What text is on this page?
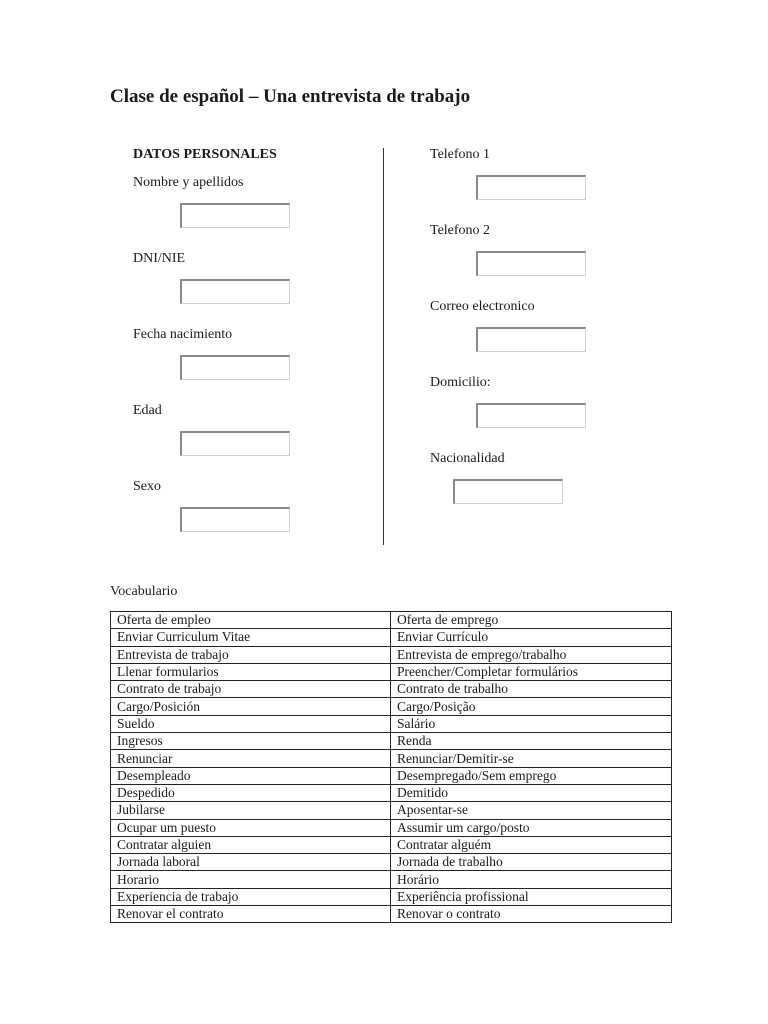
Clase de español – Una entrevista de trabajo
DATOS PERSONALES
Nombre y apellidos
DNI/NIE
Fecha nacimiento
Edad
Sexo
Telefono 1
Telefono 2
Correo electronico
Domicilio:
Nacionalidad
Vocabulario
Oferta de empleo	Oferta de emprego
Enviar Curriculum Vitae	Enviar Currículo
Entrevista de trabajo	Entrevista de emprego/trabalho
Llenar formularios	Preencher/Completar formulários
Contrato de trabajo	Contrato de trabalho
Cargo/Posición	Cargo/Posição
Sueldo	Salário
Ingresos	Renda
Renunciar	Renunciar/Demitir-se
Desempleado	Desempregado/Sem emprego
Despedido	Demitido
Jubilarse	Aposentar-se
Ocupar um puesto	Assumir um cargo/posto
Contratar alguien	Contratar alguém
Jornada laboral	Jornada de trabalho
Horario	Horário
Experiencia de trabajo	Experiência profissional
Renovar el contrato	Renovar o contrato
